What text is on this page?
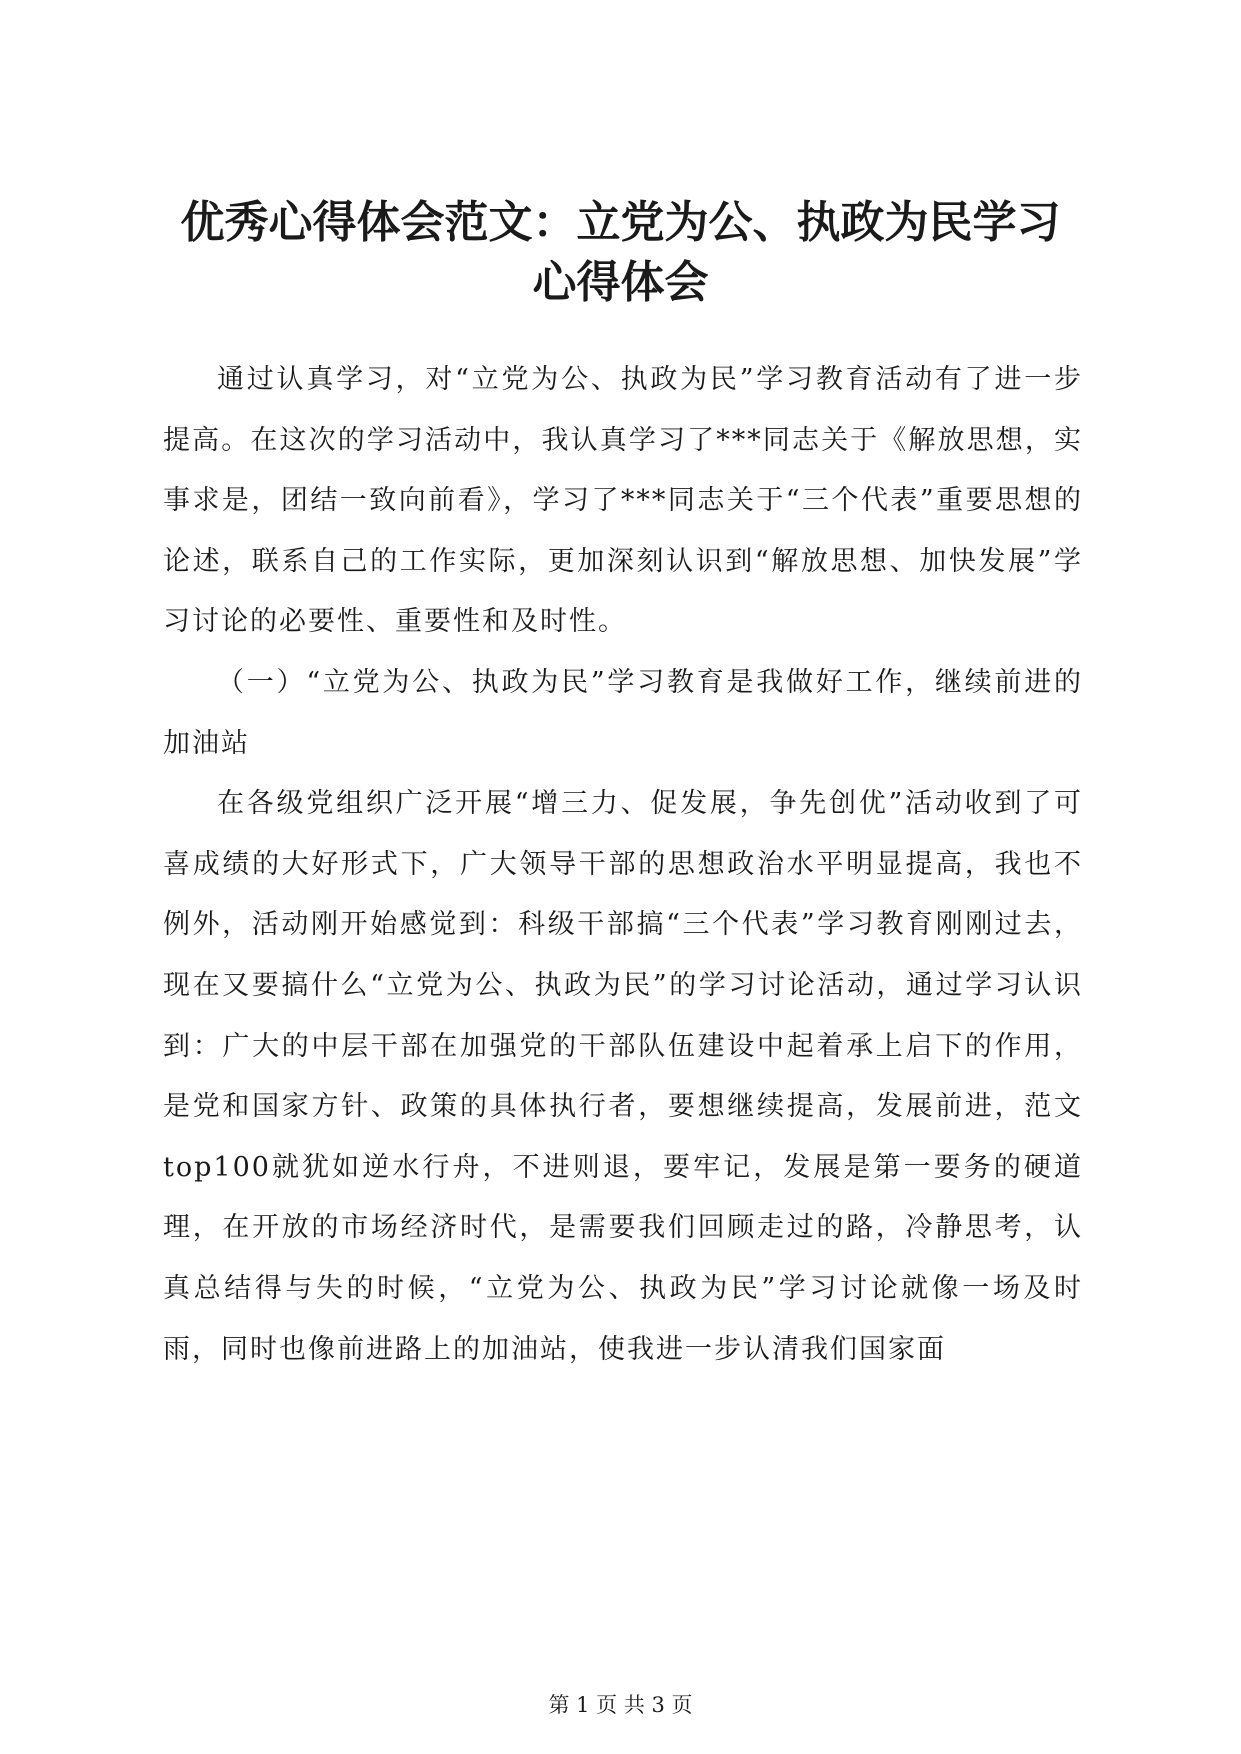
优秀心得体会范文：立党为公、执政为民学习
心得体会

通过认真学习，对“立党为公、执政为民”学习教育活动有了进一步提高。在这次的学习活动中，我认真学习了***同志关于《解放思想，实事求是，团结一致向前看》，学习了***同志关于“三个代表”重要思想的论述，联系自己的工作实际，更加深刻认识到“解放思想、加快发展”学习讨论的必要性、重要性和及时性。

（一）“立党为公、执政为民”学习教育是我做好工作，继续前进的加油站

在各级党组织广泛开展“增三力、促发展，争先创优”活动收到了可喜成绩的大好形式下，广大领导干部的思想政治水平明显提高，我也不例外，活动刚开始感觉到：科级干部搞“三个代表”学习教育刚刚过去，现在又要搞什么“立党为公、执政为民”的学习讨论活动，通过学习认识到：广大的中层干部在加强党的干部队伍建设中起着承上启下的作用，是党和国家方针、政策的具体执行者，要想继续提高，发展前进，范文top100就犹如逆水行舟，不进则退，要牢记，发展是第一要务的硬道理，在开放的市场经济时代，是需要我们回顾走过的路，冷静思考，认真总结得与失的时候，“立党为公、执政为民”学习讨论就像一场及时雨，同时也像前进路上的加油站，使我进一步认清我们国家面

第 1 页 共 3 页
